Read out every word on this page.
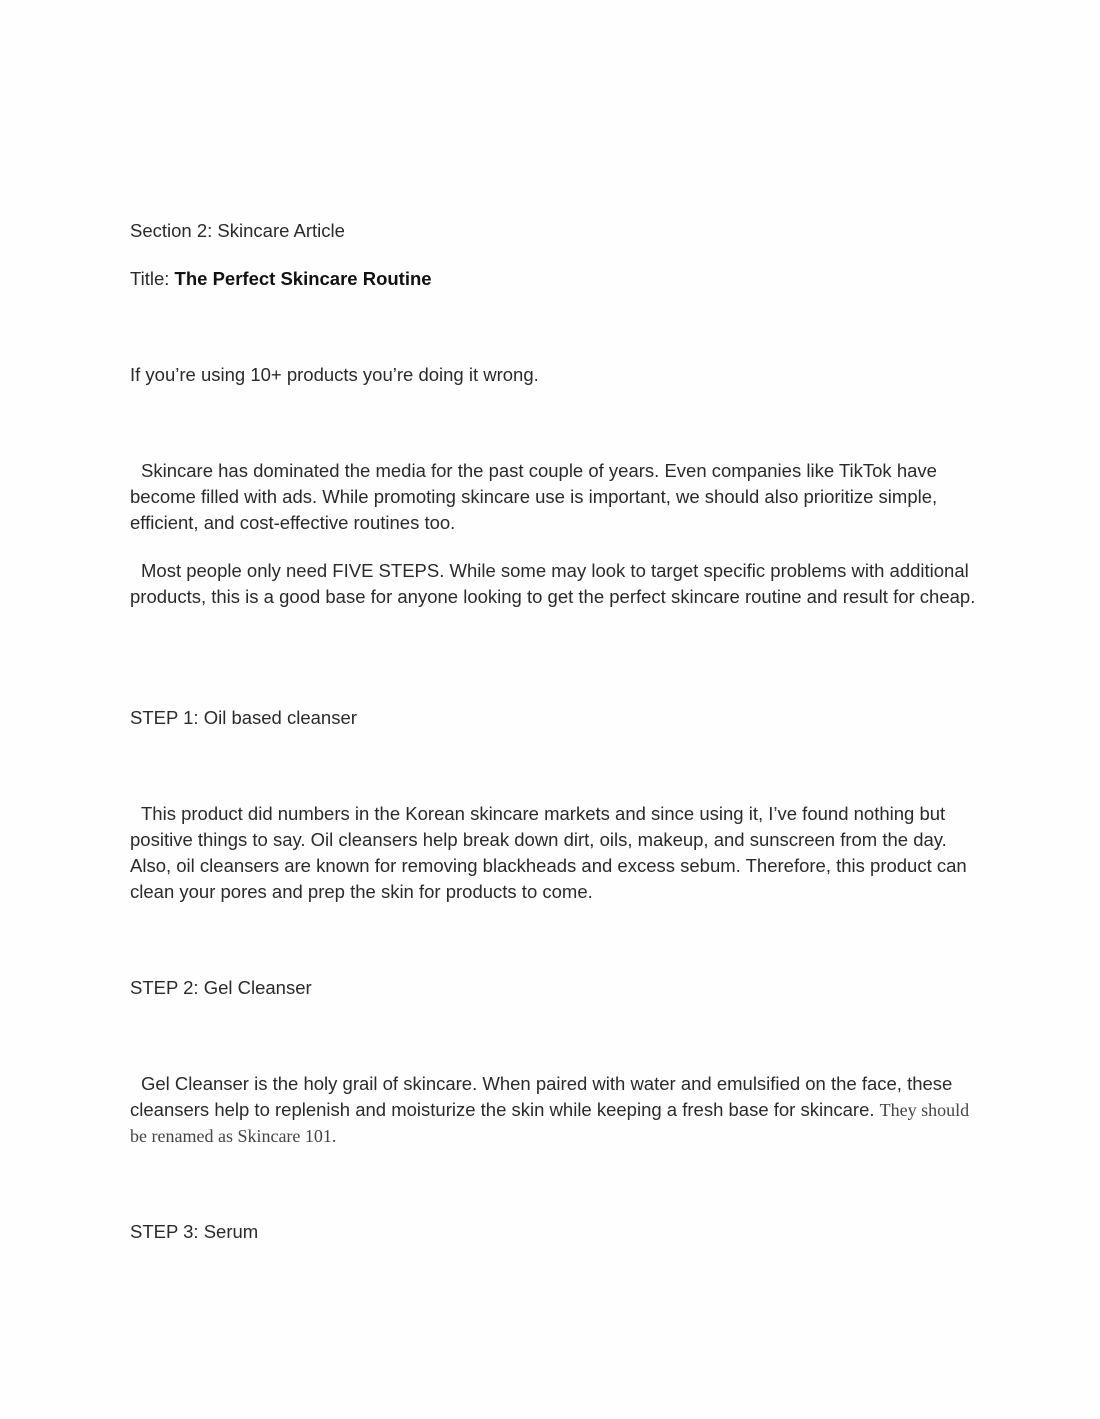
Section 2: Skincare Article
Title: The Perfect Skincare Routine
If you’re using 10+ products you’re doing it wrong.
Skincare has dominated the media for the past couple of years. Even companies like TikTok have become filled with ads. While promoting skincare use is important, we should also prioritize simple, efficient, and cost-effective routines too.
Most people only need FIVE STEPS. While some may look to target specific problems with additional products, this is a good base for anyone looking to get the perfect skincare routine and result for cheap.
STEP 1: Oil based cleanser
This product did numbers in the Korean skincare markets and since using it, I’ve found nothing but positive things to say. Oil cleansers help break down dirt, oils, makeup, and sunscreen from the day. Also, oil cleansers are known for removing blackheads and excess sebum. Therefore, this product can clean your pores and prep the skin for products to come.
STEP 2: Gel Cleanser
Gel Cleanser is the holy grail of skincare. When paired with water and emulsified on the face, these cleansers help to replenish and moisturize the skin while keeping a fresh base for skincare. They should be renamed as Skincare 101.
STEP 3: Serum
